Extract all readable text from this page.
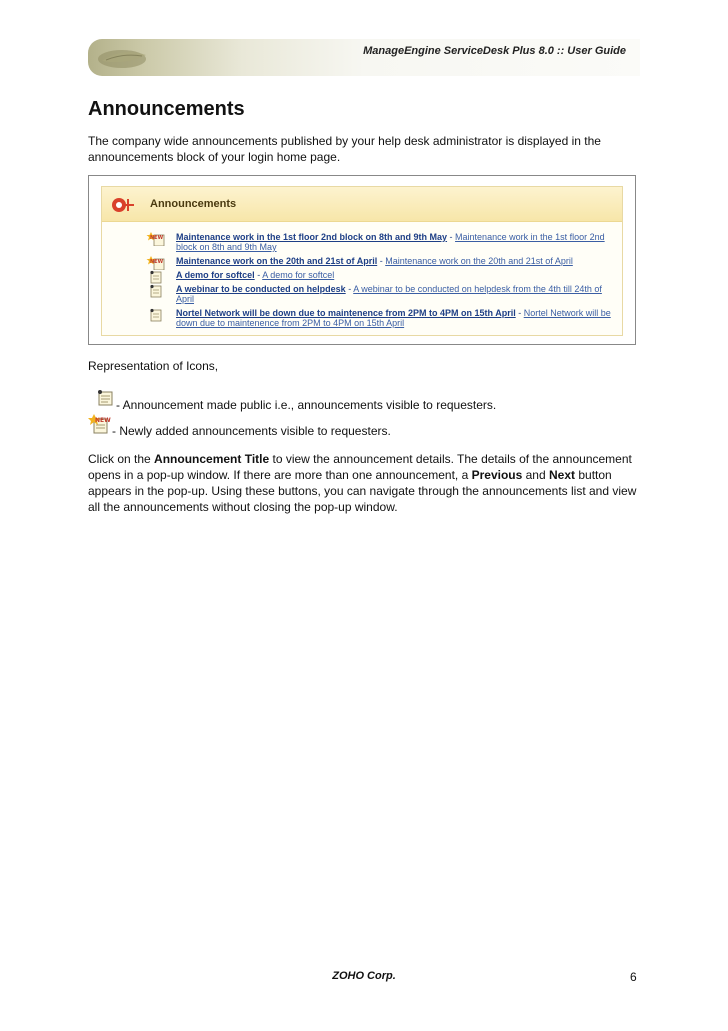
ManageEngine ServiceDesk Plus 8.0 :: User Guide
Announcements

The company wide announcements published by your help desk administrator is displayed in the announcements block of your login home page.

Announcements
NEW Maintenance work in the 1st floor 2nd block on 8th and 9th May - Maintenance work in the 1st floor 2nd block on 8th and 9th May
NEW Maintenance work on the 20th and 21st of April - Maintenance work on the 20th and 21st of April
A demo for softcel - A demo for softcel
A webinar to be conducted on helpdesk - A webinar to be conducted on helpdesk from the 4th till 24th of April
Nortel Network will be down due to maintenence from 2PM to 4PM on 15th April - Nortel Network will be down due to maintenence from 2PM to 4PM on 15th April

Representation of Icons,

- Announcement made public i.e., announcements visible to requesters.
NEW
- Newly added announcements visible to requesters.

Click on the Announcement Title to view the announcement details. The details of the announcement opens in a pop-up window. If there are more than one announcement, a Previous and Next button appears in the pop-up. Using these buttons, you can navigate through the announcements list and view all the announcements without closing the pop-up window.

ZOHO Corp.	6
